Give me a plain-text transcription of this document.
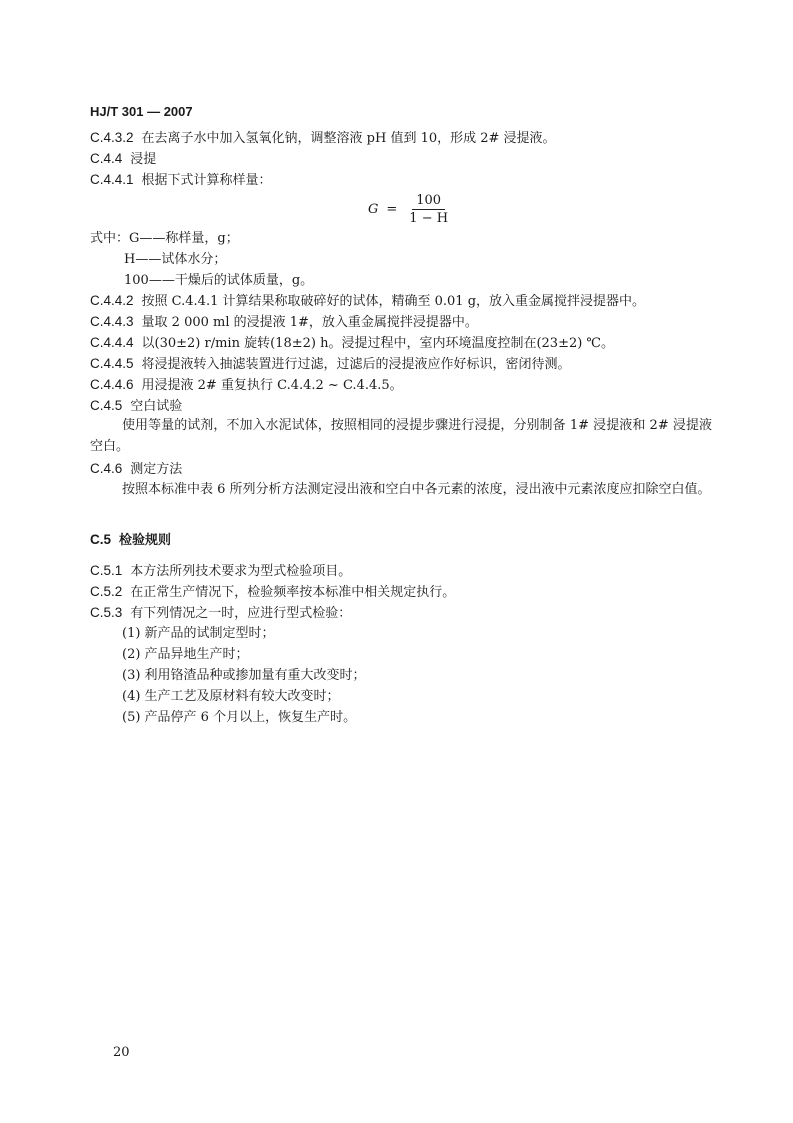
HJ/T 301 — 2007
C.4.3.2 在去离子水中加入氢氧化钠，调整溶液 pH 值到 10，形成 2# 浸提液。
C.4.4 浸提
C.4.4.1 根据下式计算称样量：
$G = \frac{100}{1 - H}$
式中：G——称样量，g；
H——试体水分；
100——干燥后的试体质量，g。
C.4.4.2 按照 C.4.4.1 计算结果称取破碎好的试体，精确至 0.01 g，放入重金属搅拌浸提器中。
C.4.4.3 量取 2 000 ml 的浸提液 1#，放入重金属搅拌浸提器中。
C.4.4.4 以(30±2) r/min 旋转(18±2) h。浸提过程中，室内环境温度控制在(23±2) ℃。
C.4.4.5 将浸提液转入抽滤装置进行过滤，过滤后的浸提液应作好标识，密闭待测。
C.4.4.6 用浸提液 2# 重复执行 C.4.4.2 ~ C.4.4.5。
C.4.5 空白试验
使用等量的试剂，不加入水泥试体，按照相同的浸提步骤进行浸提，分别制备 1# 浸提液和 2# 浸提液空白。
C.4.6 测定方法
按照本标准中表 6 所列分析方法测定浸出液和空白中各元素的浓度，浸出液中元素浓度应扣除空白值。
C.5 检验规则
C.5.1 本方法所列技术要求为型式检验项目。
C.5.2 在正常生产情况下，检验频率按本标准中相关规定执行。
C.5.3 有下列情况之一时，应进行型式检验：
(1) 新产品的试制定型时；
(2) 产品异地生产时；
(3) 利用铬渣品种或掺加量有重大改变时；
(4) 生产工艺及原材料有较大改变时；
(5) 产品停产 6 个月以上，恢复生产时。
20
